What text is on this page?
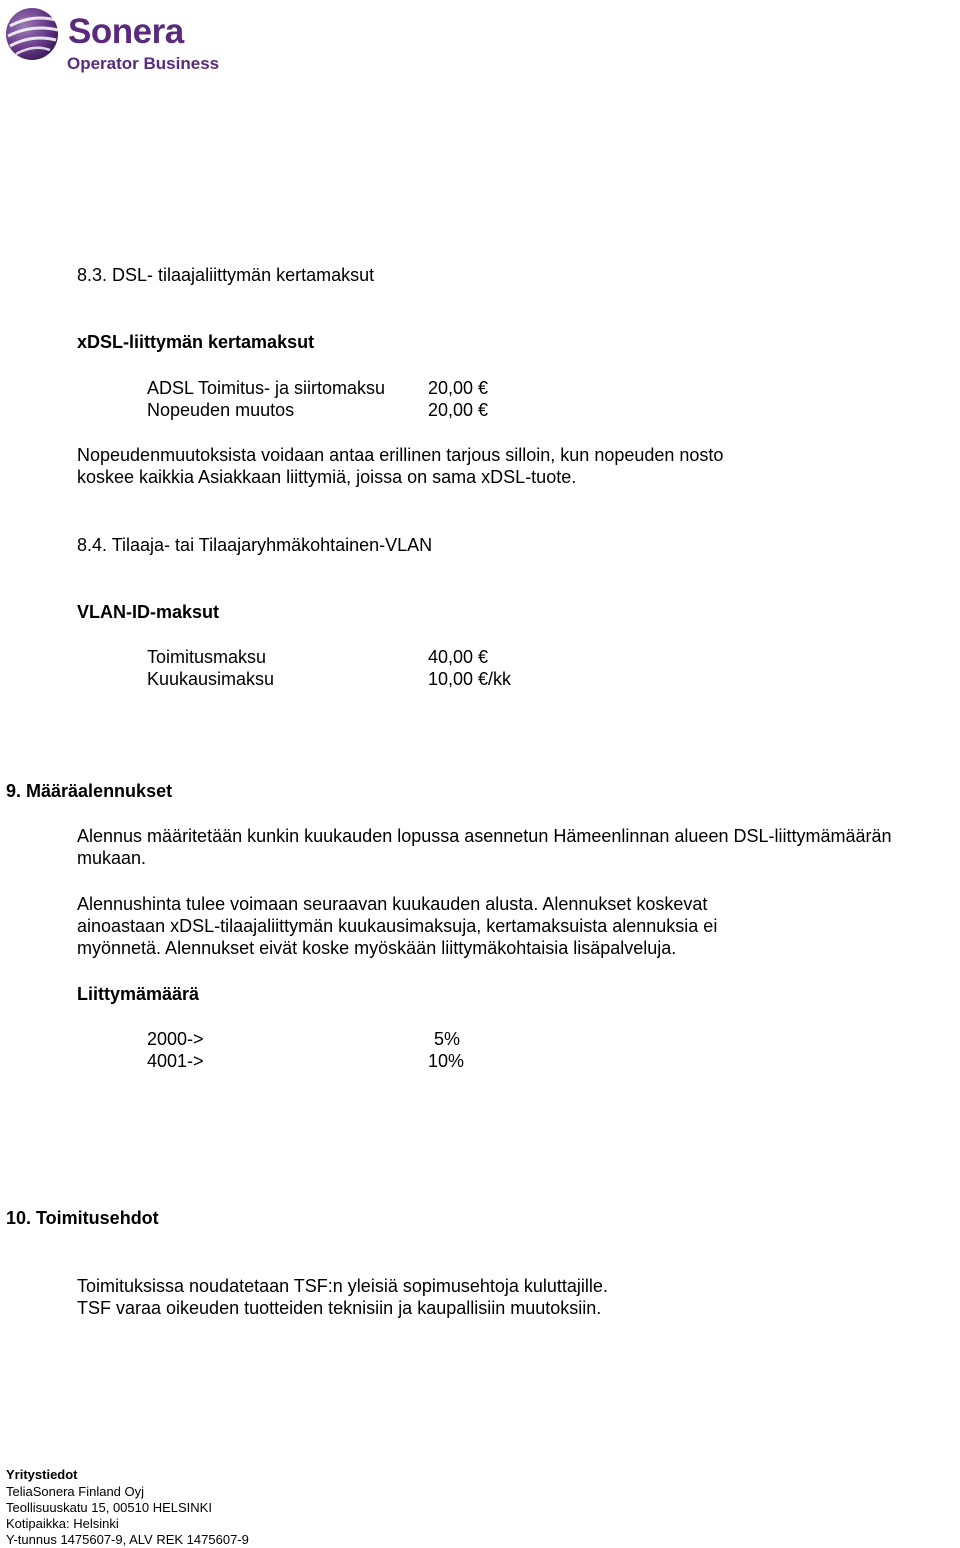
Sonera
Operator Business
8.3. DSL- tilaajaliittymän kertamaksut
xDSL-liittymän kertamaksut
ADSL Toimitus- ja siirtomaksu 20,00 €
Nopeuden muutos	20,00 €
Nopeudenmuutoksista voidaan antaa erillinen tarjous silloin, kun nopeuden nosto
koskee kaikkia Asiakkaan liittymiä, joissa on sama xDSL-tuote.
8.4. Tilaaja- tai Tilaajaryhmäkohtainen-VLAN
VLAN-ID-maksut
Toimitusmaksu	40,00 €
Kuukausimaksu	10,00 €/kk
9. Määräalennukset
Alennus määritetään kunkin kuukauden lopussa asennetun Hämeenlinnan alueen DSL-liittymämäärän
mukaan.
Alennushinta tulee voimaan seuraavan kuukauden alusta. Alennukset koskevat
ainoastaan xDSL-tilaajaliittymän kuukausimaksuja, kertamaksuista alennuksia ei
myönnetä. Alennukset eivät koske myöskään liittymäkohtaisia lisäpalveluja.
Liittymämäärä
2000->	5%
4001->	10%
10. Toimitusehdot
Toimituksissa noudatetaan TSF:n yleisiä sopimusehtoja kuluttajille.
TSF varaa oikeuden tuotteiden teknisiin ja kaupallisiin muutoksiin.
Yritystiedot
TeliaSonera Finland Oyj
Teollisuuskatu 15, 00510 HELSINKI
Kotipaikka: Helsinki
Y-tunnus 1475607-9, ALV REK 1475607-9
